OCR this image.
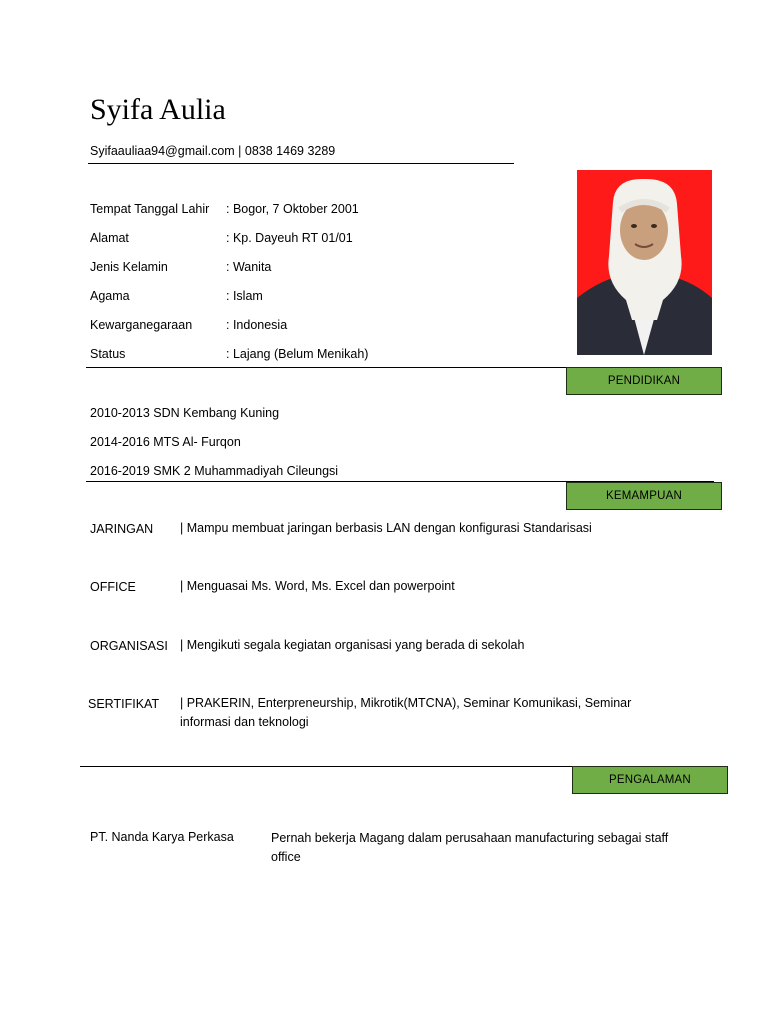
Syifa Aulia
Syifaauliaa94@gmail.com | 0838 1469 3289
Tempat Tanggal Lahir : Bogor, 7 Oktober 2001
Alamat	: Kp. Dayeuh RT 01/01
Jenis Kelamin	: Wanita
Agama	: Islam
Kewarganegaraan	: Indonesia
Status	: Lajang (Belum Menikah)
PENDIDIKAN
2010-2013 SDN Kembang Kuning
2014-2016 MTS Al- Furqon
2016-2019 SMK 2 Muhammadiyah Cileungsi
KEMAMPUAN
JARINGAN | Mampu membuat jaringan berbasis LAN dengan konfigurasi Standarisasi
OFFICE	| Menguasai Ms. Word, Ms. Excel dan powerpoint
ORGANISASI | Mengikuti segala kegiatan organisasi yang berada di sekolah
SERTIFIKAT | PRAKERIN, Enterpreneurship, Mikrotik(MTCNA), Seminar Komunikasi, Seminar informasi dan teknologi
PENGALAMAN
PT. Nanda Karya Perkasa	Pernah bekerja Magang dalam perusahaan manufacturing sebagai staff office
